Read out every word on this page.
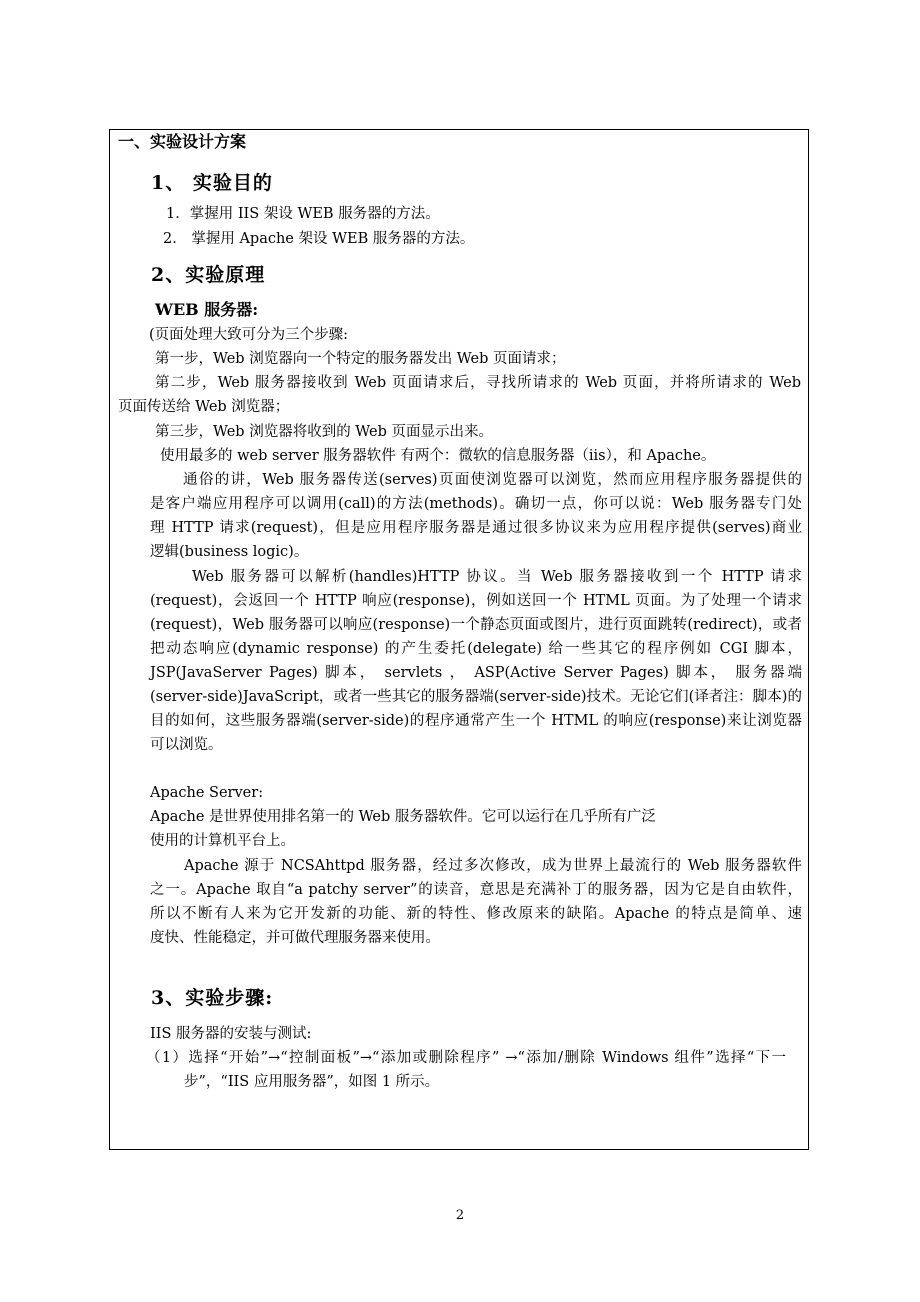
一、实验设计方案
1、 实验目的
1．掌握用 IIS 架设 WEB 服务器的方法。
2． 掌握用 Apache 架设 WEB 服务器的方法。
2、实验原理
WEB 服务器:
(页面处理大致可分为三个步骤:
第一步，Web 浏览器向一个特定的服务器发出 Web 页面请求；
第二步，Web 服务器接收到 Web 页面请求后，寻找所请求的 Web 页面，并将所请求的 Web
页面传送给 Web 浏览器；
第三步，Web 浏览器将收到的 Web 页面显示出来。
使用最多的 web server 服务器软件 有两个：微软的信息服务器（iis），和 Apache。
通俗的讲，Web 服务器传送(serves)页面使浏览器可以浏览，然而应用程序服务器提供的
是客户端应用程序可以调用(call)的方法(methods)。确切一点，你可以说：Web 服务器专门处
理 HTTP 请求(request)，但是应用程序服务器是通过很多协议来为应用程序提供(serves)商业
逻辑(business logic)。
Web 服务器可以解析(handles)HTTP 协议。当 Web 服务器接收到一个 HTTP 请求
(request)，会返回一个 HTTP 响应(response)，例如送回一个 HTML 页面。为了处理一个请求
(request)，Web 服务器可以响应(response)一个静态页面或图片，进行页面跳转(redirect)，或者
把动态响应(dynamic response) 的产生委托(delegate) 给一些其它的程序例如 CGI 脚本，
JSP(JavaServer Pages) 脚本， servlets ， ASP(Active Server Pages) 脚本， 服务器端
(server-side)JavaScript，或者一些其它的服务器端(server-side)技术。无论它们(译者注：脚本)的
目的如何，这些服务器端(server-side)的程序通常产生一个 HTML 的响应(response)来让浏览器
可以浏览。
Apache Server:
Apache 是世界使用排名第一的 Web 服务器软件。它可以运行在几乎所有广泛
使用的计算机平台上。
Apache 源于 NCSAhttpd 服务器，经过多次修改，成为世界上最流行的 Web 服务器软件
之一。Apache 取自“a patchy server”的读音，意思是充满补丁的服务器，因为它是自由软件，
所以不断有人来为它开发新的功能、新的特性、修改原来的缺陷。Apache 的特点是简单、速
度快、性能稳定，并可做代理服务器来使用。
3、实验步骤:
IIS 服务器的安装与测试:
（1）选择“开始”→“控制面板”→“添加或删除程序” →“添加/删除 Windows 组件”选择“下一
步”，“IIS 应用服务器”，如图 1 所示。
2
